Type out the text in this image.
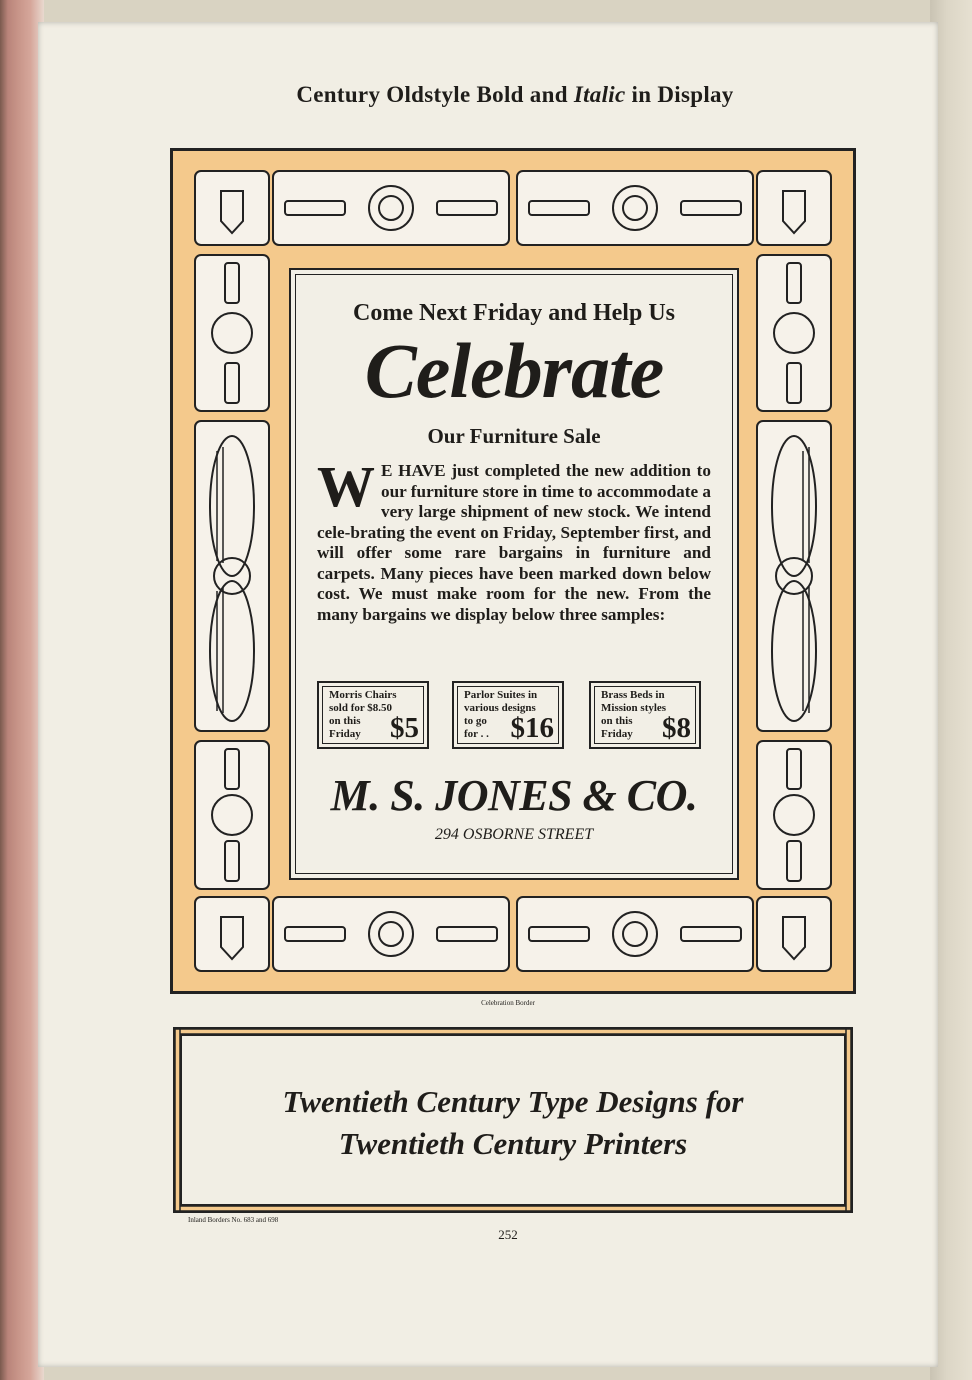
Century Oldstyle Bold and Italic in Display
Come Next Friday and Help Us
Celebrate
Our Furniture Sale
W E HAVE just completed the new addition to our furniture store in time to accommodate a very large shipment of new stock. We intend cele-brating the event on Friday, September first, and will offer some rare bargains in furniture and carpets. Many pieces have been marked down below cost. We must make room for the new. From the many bargains we display below three samples:
Morris Chairs
sold for $8.50
on this
Friday $5
Parlor Suites in
various designs
to go
for . . $16
Brass Beds in
Mission styles
on this
Friday $8
M. S. JONES & CO.
294 OSBORNE STREET
Celebration Border
Twentieth Century Type Designs for
Twentieth Century Printers
Inland Borders No. 683 and 698
252
